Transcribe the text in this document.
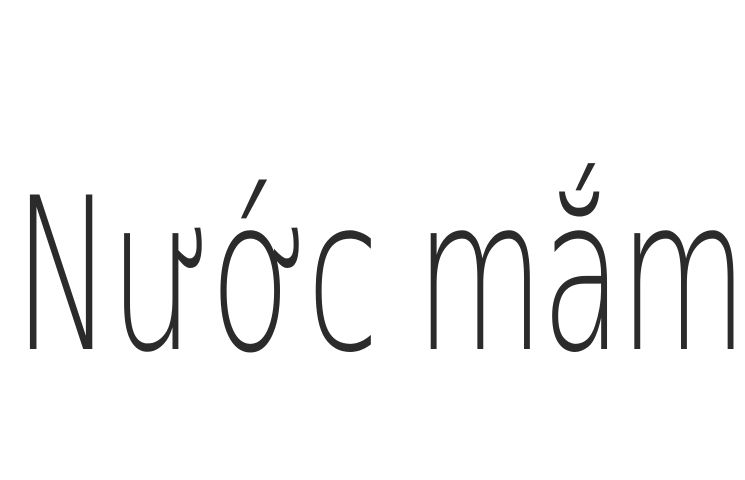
Nước mắm
